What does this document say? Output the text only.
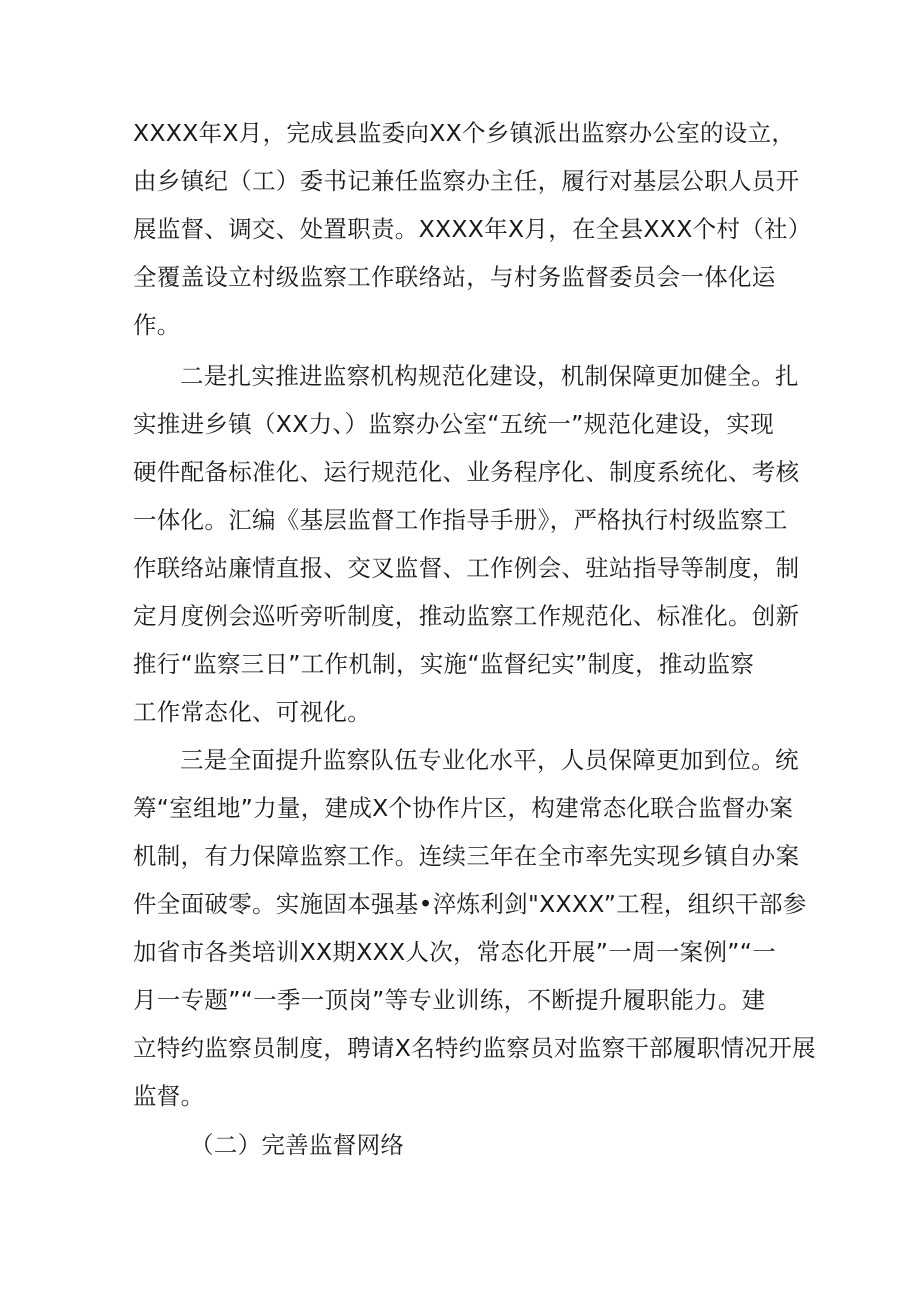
XXXX年X月，完成县监委向XX个乡镇派出监察办公室的设立，
由乡镇纪（工）委书记兼任监察办主任，履行对基层公职人员开
展监督、调交、处置职责。XXXX年X月，在全县XXX个村（社）
全覆盖设立村级监察工作联络站，与村务监督委员会一体化运
作。
二是扎实推进监察机构规范化建设，机制保障更加健全。扎
实推进乡镇（XX力、）监察办公室“五统一”规范化建设，实现
硬件配备标准化、运行规范化、业务程序化、制度系统化、考核
一体化。汇编《基层监督工作指导手册》，严格执行村级监察工
作联络站廉情直报、交叉监督、工作例会、驻站指导等制度，制
定月度例会巡听旁听制度，推动监察工作规范化、标准化。创新
推行“监察三日”工作机制，实施“监督纪实”制度，推动监察
工作常态化、可视化。
三是全面提升监察队伍专业化水平，人员保障更加到位。统
筹“室组地”力量，建成X个协作片区，构建常态化联合监督办案
机制，有力保障监察工作。连续三年在全市率先实现乡镇自办案
件全面破零。实施固本强基•淬炼利剑"XXXX”工程，组织干部参
加省市各类培训XX期XXX人次，常态化开展”一周一案例”“一
月一专题”“一季一顶岗”等专业训练，不断提升履职能力。建
立特约监察员制度，聘请X名特约监察员对监察干部履职情况开展
监督。
（二）完善监督网络
